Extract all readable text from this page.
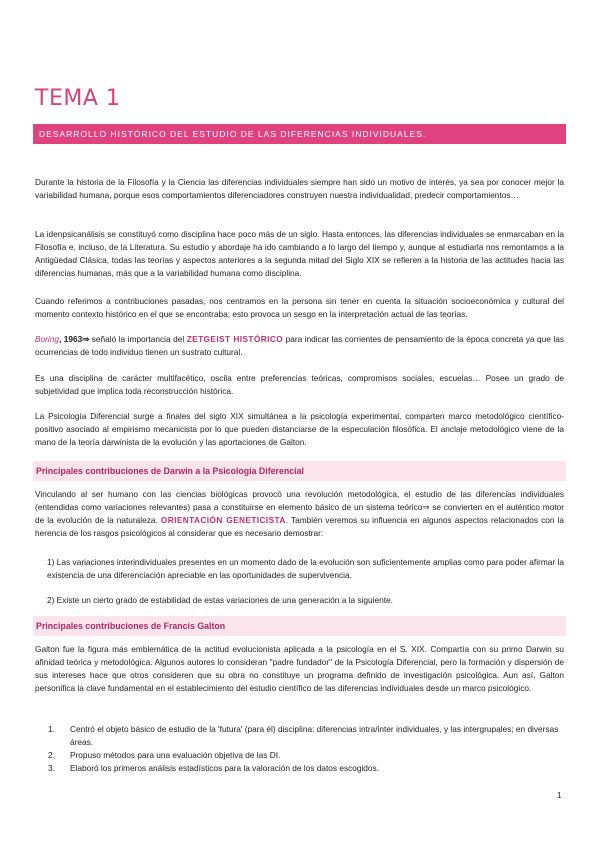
TEMA 1
DESARROLLO HISTÓRICO DEL ESTUDIO DE LAS DIFERENCIAS INDIVIDUALES.

Durante la historia de la Filosofía y la Ciencia las diferencias individuales siempre han sido un motivo de interés, ya sea por conocer mejor la variabilidad humana, porque esos comportamientos diferenciadores construyen nuestra individualidad, predecir comportamientos…

La idenpsicanálisis se constituyó como disciplina hace poco más de un siglo. Hasta entonces, las diferencias individuales se enmarcaban en la Filosofía e, incluso, de la Literatura. Su estudio y abordaje ha ido cambiando a lo largo del tiempo y, aunque al estudiarla nos remontamos a la Antigüedad Clásica, todas las teorías y aspectos anteriores a la segunda mitad del Siglo XIX se refieren a la historia de las actitudes hacia las diferencias humanas, más que a la variabilidad humana como disciplina.

Cuando referimos a contribuciones pasadas, nos centramos en la persona sin tener en cuenta la situación socioeconómica y cultural del momento contexto histórico en el que se encontraba; esto provoca un sesgo en la interpretación actual de las teorías.

Boring, 1963⇒ señaló la importancia del ZETGEIST HISTÓRICO para indicar las corrientes de pensamiento de la época concreta ya que las ocurrencias de todo individuo tienen un sustrato cultural.

Es una disciplina de carácter multifacético, oscila entre preferencias teóricas, compromisos sociales, escuelas… Posee un grado de subjetividad que implica toda reconstrucción histórica.

La Psicología Diferencial surge a finales del siglo XIX simultánea a la psicología experimental, comparten marco metodológico científico-positivo asociado al empirismo mecanicista por lo que pueden distanciarse de la especulación filosófica. El anclaje metodológico viene de la mano de la teoría darwinista de la evolución y las aportaciones de Galton.

Principales contribuciones de Darwin a la Psicología Diferencial

Vinculando al ser humano con las ciencias biológicas provocó una revolución metodológica, el estudio de las diferencias individuales (entendidas como variaciones relevantes) pasa a constituirse en elemento básico de un sistema teórico⇒ se convierten en el auténtico motor de la evolución de la naturaleza. ORIENTACIÓN GENETICISTA. También veremos su influencia en algunos aspectos relacionados con la herencia de los rasgos psicológicos al considerar que es necesario demostrar:

1) Las variaciones interindividuales presentes en un momento dado de la evolución son suficientemente amplias como para poder afirmar la existencia de una diferenciación apreciable en las oportunidades de supervivencia.

2) Existe un cierto grado de estabilidad de estas variaciones de una generación a la siguiente.

Principales contribuciones de Francis Galton

Galton fue la figura más emblemática de la actitud evolucionista aplicada a la psicología en el S. XIX. Compartía con su primo Darwin su afinidad teórica y metodológica. Algunos autores lo consideran "padre fundador" de la Psicología Diferencial, pero la formación y dispersión de sus intereses hace que otros consideren que su obra no constituye un programa definido de investigación psicológica. Aun así, Galton personifica la clave fundamental en el establecimiento del estudio científico de las diferencias individuales desde un marco psicológico.

1.	Centró el objeto básico de estudio de la 'futura' (para él) disciplina: diferencias intra/inter individuales, y las intergrupales; en diversas áreas.
2.	Propuso métodos para una evaluación objetiva de las DI.
3.	Elaboró los primeros análisis estadísticos para la valoración de los datos escogidos.
1
